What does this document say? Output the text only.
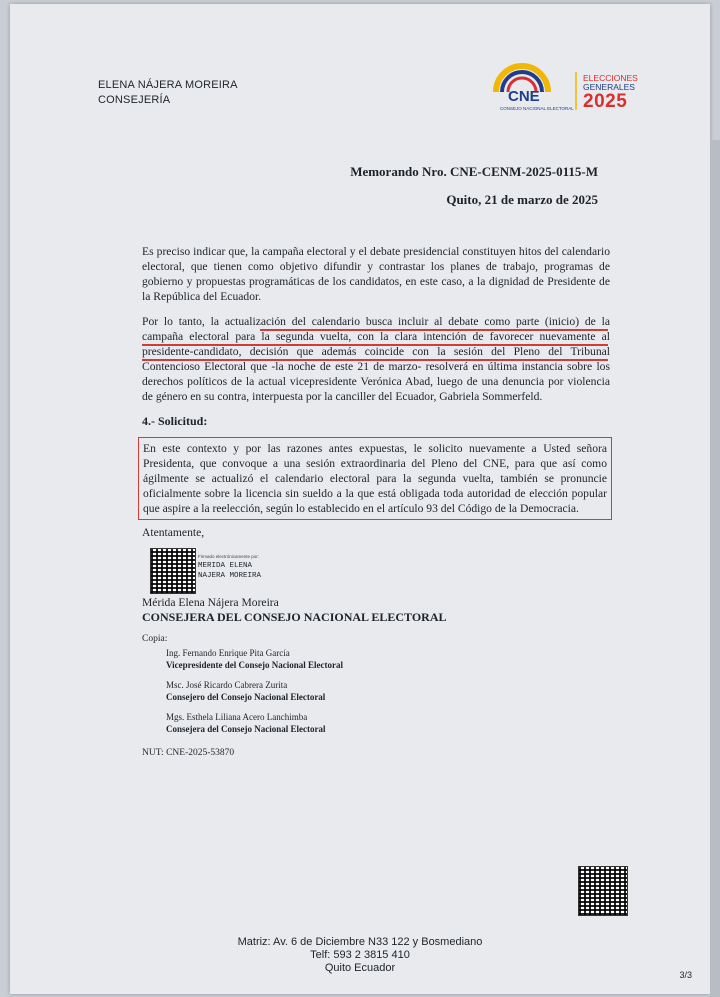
ELENA NÁJERA MOREIRA
CONSEJERÍA	CNE
CONSEJO NACIONAL ELECTORAL
ELECCIONES
GENERALES
2025
Memorando Nro. CNE-CENM-2025-0115-M
Quito, 21 de marzo de 2025
Es preciso indicar que, la campaña electoral y el debate presidencial constituyen hitos del calendario electoral, que tienen como objetivo difundir y contrastar los planes de trabajo, programas de gobierno y propuestas programáticas de los candidatos, en este caso, a la dignidad de Presidente de la República del Ecuador.
Por lo tanto, la actualización del calendario busca incluir al debate como parte (inicio) de la campaña electoral para la segunda vuelta, con la clara intención de favorecer nuevamente al presidente-candidato, decisión que además coincide con la sesión del Pleno del Tribunal Contencioso Electoral que -la noche de este 21 de marzo- resolverá en última instancia sobre los derechos políticos de la actual vicepresidente Verónica Abad, luego de una denuncia por violencia de género en su contra, interpuesta por la canciller del Ecuador, Gabriela Sommerfeld.
4.- Solicitud:
En este contexto y por las razones antes expuestas, le solicito nuevamente a Usted señora Presidenta, que convoque a una sesión extraordinaria del Pleno del CNE, para que así como ágilmente se actualizó el calendario electoral para la segunda vuelta, también se pronuncie oficialmente sobre la licencia sin sueldo a la que está obligada toda autoridad de elección popular que aspire a la reelección, según lo establecido en el artículo 93 del Código de la Democracia.
Atentamente,
Firmado electrónicamente por:
MERIDA ELENA
NAJERA MOREIRA
Mérida Elena Nájera Moreira
CONSEJERA DEL CONSEJO NACIONAL ELECTORAL
Copia:
Ing. Fernando Enrique Pita García
Vicepresidente del Consejo Nacional Electoral
Msc. José Ricardo Cabrera Zurita
Consejero del Consejo Nacional Electoral
Mgs. Esthela Liliana Acero Lanchimba
Consejera del Consejo Nacional Electoral
NUT: CNE-2025-53870
Matriz: Av. 6 de Diciembre N33 122 y Bosmediano
Telf: 593 2 3815 410
Quito Ecuador
3/3
